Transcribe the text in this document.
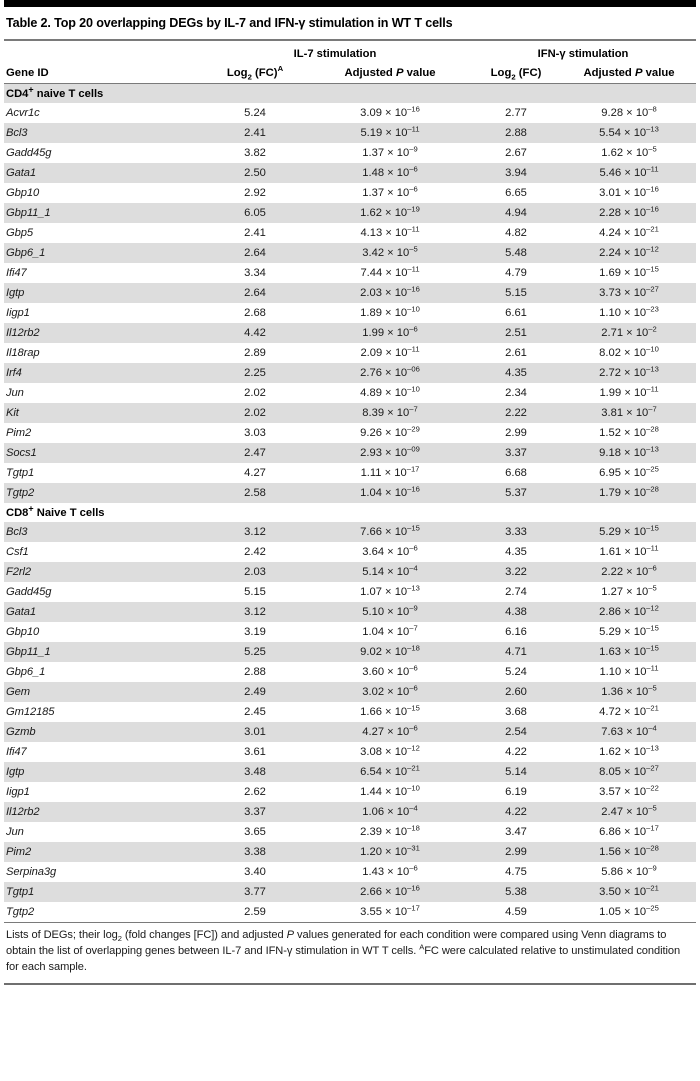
Table 2. Top 20 overlapping DEGs by IL-7 and IFN-γ stimulation in WT T cells
	IL-7 stimulation		IFN-γ stimulation	
Gene ID	Log$_2$ (FC)$^A$	Adjusted P value	Log$_2$ (FC)	Adjusted P value
CD4+ naive T cells				
Acvr1c	5.24	$3.09 \times 10^{-16}$	2.77	$9.28 \times 10^{-8}$
Bcl3	2.41	$5.19 \times 10^{-11}$	2.88	$5.54 \times 10^{-13}$
Gadd45g	3.82	$1.37 \times 10^{-9}$	2.67	$1.62 \times 10^{-5}$
Gata1	2.50	$1.48 \times 10^{-6}$	3.94	$5.46 \times 10^{-11}$
Gbp10	2.92	$1.37 \times 10^{-6}$	6.65	$3.01 \times 10^{-16}$
Gbp11_1	6.05	$1.62 \times 10^{-19}$	4.94	$2.28 \times 10^{-16}$
Gbp5	2.41	$4.13 \times 10^{-11}$	4.82	$4.24 \times 10^{-21}$
Gbp6_1	2.64	$3.42 \times 10^{-5}$	5.48	$2.24 \times 10^{-12}$
Ifi47	3.34	$7.44 \times 10^{-11}$	4.79	$1.69 \times 10^{-15}$
Igtp	2.64	$2.03 \times 10^{-16}$	5.15	$3.73 \times 10^{-27}$
Iigp1	2.68	$1.89 \times 10^{-10}$	6.61	$1.10 \times 10^{-23}$
Il12rb2	4.42	$1.99 \times 10^{-6}$	2.51	$2.71 \times 10^{-2}$
Il18rap	2.89	$2.09 \times 10^{-11}$	2.61	$8.02 \times 10^{-10}$
Irf4	2.25	$2.76 \times 10^{-06}$	4.35	$2.72 \times 10^{-13}$
Jun	2.02	$4.89 \times 10^{-10}$	2.34	$1.99 \times 10^{-11}$
Kit	2.02	$8.39 \times 10^{-7}$	2.22	$3.81 \times 10^{-7}$
Pim2	3.03	$9.26 \times 10^{-29}$	2.99	$1.52 \times 10^{-28}$
Socs1	2.47	$2.93 \times 10^{-09}$	3.37	$9.18 \times 10^{-13}$
Tgtp1	4.27	$1.11 \times 10^{-17}$	6.68	$6.95 \times 10^{-25}$
Tgtp2	2.58	$1.04 \times 10^{-16}$	5.37	$1.79 \times 10^{-28}$
CD8+ Naive T cells				
Bcl3	3.12	$7.66 \times 10^{-15}$	3.33	$5.29 \times 10^{-15}$
Csf1	2.42	$3.64 \times 10^{-6}$	4.35	$1.61 \times 10^{-11}$
F2rl2	2.03	$5.14 \times 10^{-4}$	3.22	$2.22 \times 10^{-6}$
Gadd45g	5.15	$1.07 \times 10^{-13}$	2.74	$1.27 \times 10^{-5}$
Gata1	3.12	$5.10 \times 10^{-9}$	4.38	$2.86 \times 10^{-12}$
Gbp10	3.19	$1.04 \times 10^{-7}$	6.16	$5.29 \times 10^{-15}$
Gbp11_1	5.25	$9.02 \times 10^{-18}$	4.71	$1.63 \times 10^{-15}$
Gbp6_1	2.88	$3.60 \times 10^{-6}$	5.24	$1.10 \times 10^{-11}$
Gem	2.49	$3.02 \times 10^{-6}$	2.60	$1.36 \times 10^{-5}$
Gm12185	2.45	$1.66 \times 10^{-15}$	3.68	$4.72 \times 10^{-21}$
Gzmb	3.01	$4.27 \times 10^{-6}$	2.54	$7.63 \times 10^{-4}$
Ifi47	3.61	$3.08 \times 10^{-12}$	4.22	$1.62 \times 10^{-13}$
Igtp	3.48	$6.54 \times 10^{-21}$	5.14	$8.05 \times 10^{-27}$
Iigp1	2.62	$1.44 \times 10^{-10}$	6.19	$3.57 \times 10^{-22}$
Il12rb2	3.37	$1.06 \times 10^{-4}$	4.22	$2.47 \times 10^{-5}$
Jun	3.65	$2.39 \times 10^{-18}$	3.47	$6.86 \times 10^{-17}$
Pim2	3.38	$1.20 \times 10^{-31}$	2.99	$1.56 \times 10^{-28}$
Serpina3g	3.40	$1.43 \times 10^{-6}$	4.75	$5.86 \times 10^{-9}$
Tgtp1	3.77	$2.66 \times 10^{-16}$	5.38	$3.50 \times 10^{-21}$
Tgtp2	2.59	$3.55 \times 10^{-17}$	4.59	$1.05 \times 10^{-25}$
Lists of DEGs; their $\log_2$ (fold changes [FC]) and adjusted P values generated for each condition were compared using Venn diagrams to obtain the list of overlapping genes between IL-7 and IFN-γ stimulation in WT T cells. $^A$FC were calculated relative to unstimulated condition for each sample.
